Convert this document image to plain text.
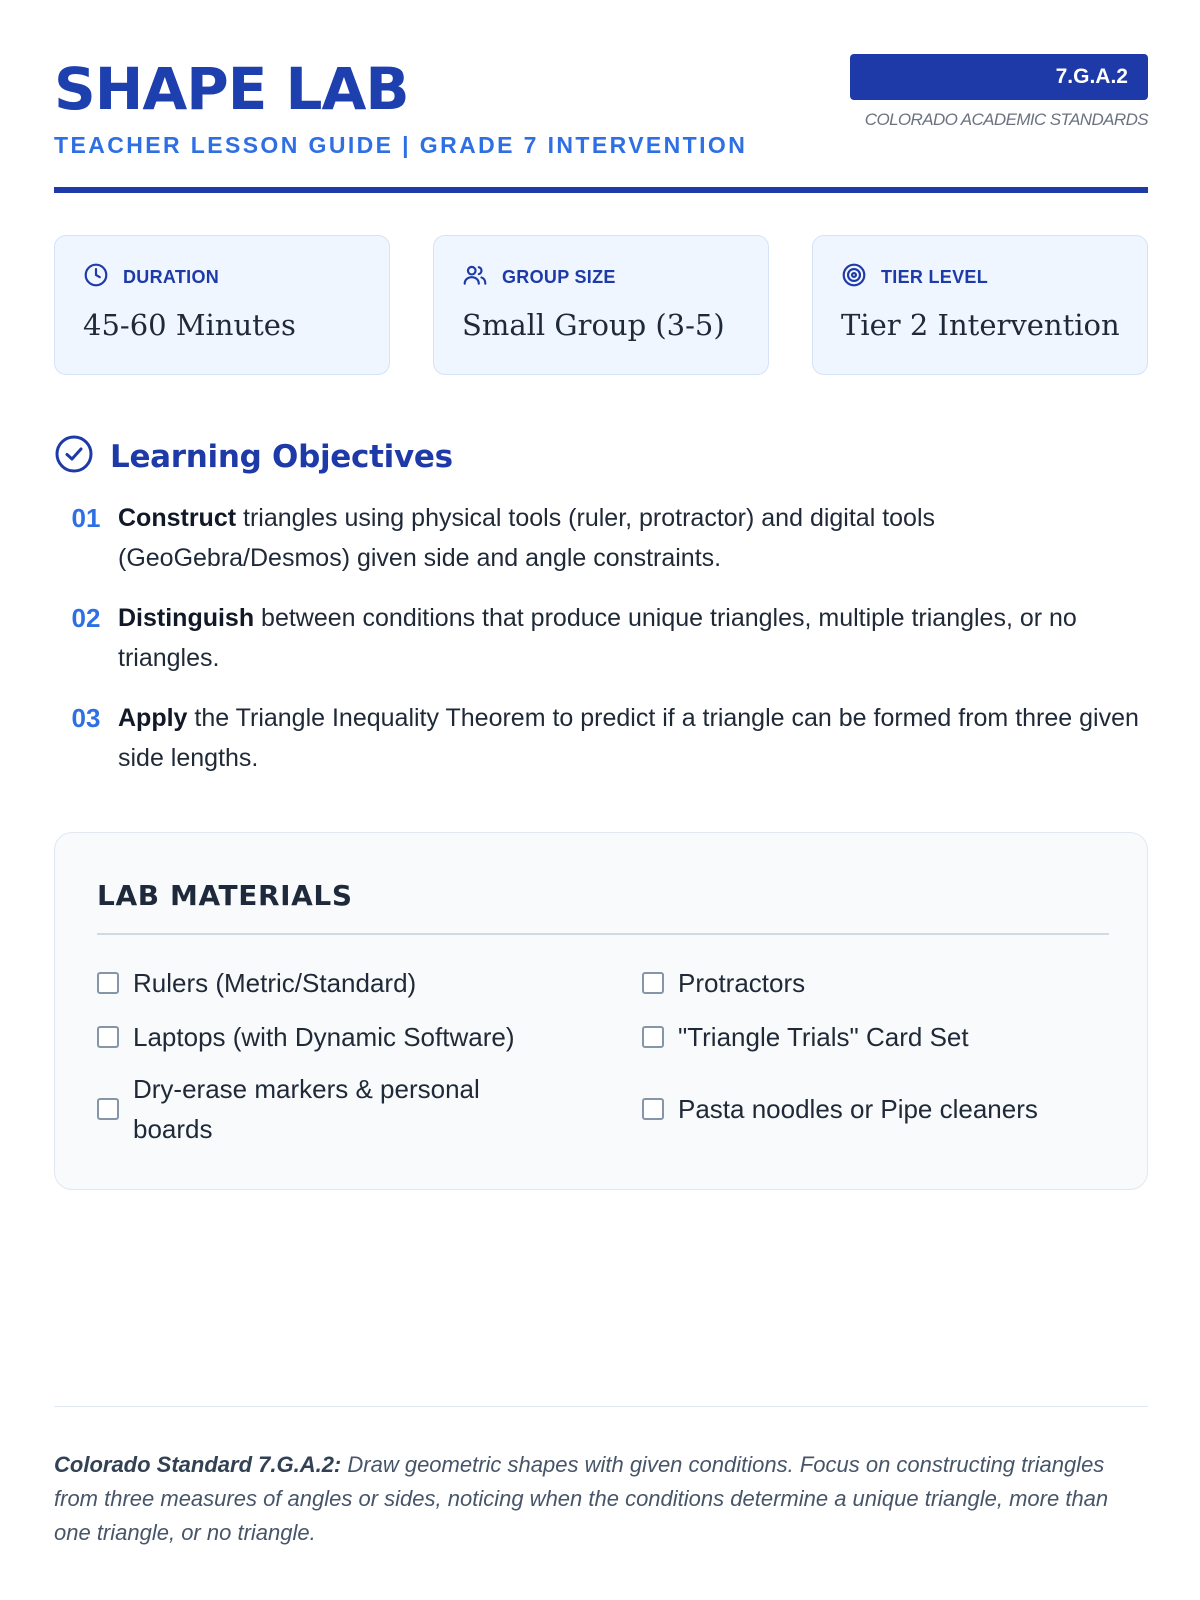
SHAPE LAB
TEACHER LESSON GUIDE | GRADE 7 INTERVENTION
7.G.A.2
COLORADO ACADEMIC STANDARDS
DURATION
45-60 Minutes
GROUP SIZE
Small Group (3-5)
TIER LEVEL
Tier 2 Intervention
Learning Objectives
01 Construct triangles using physical tools (ruler, protractor) and digital tools (GeoGebra/Desmos) given side and angle constraints.
02 Distinguish between conditions that produce unique triangles, multiple triangles, or no triangles.
03 Apply the Triangle Inequality Theorem to predict if a triangle can be formed from three given side lengths.
LAB MATERIALS
Rulers (Metric/Standard)	Protractors
Laptops (with Dynamic Software)	"Triangle Trials" Card Set
Dry-erase markers & personal boards
Pasta noodles or Pipe cleaners
Colorado Standard 7.G.A.2: Draw geometric shapes with given conditions. Focus on constructing triangles from three measures of angles or sides, noticing when the conditions determine a unique triangle, more than one triangle, or no triangle.
